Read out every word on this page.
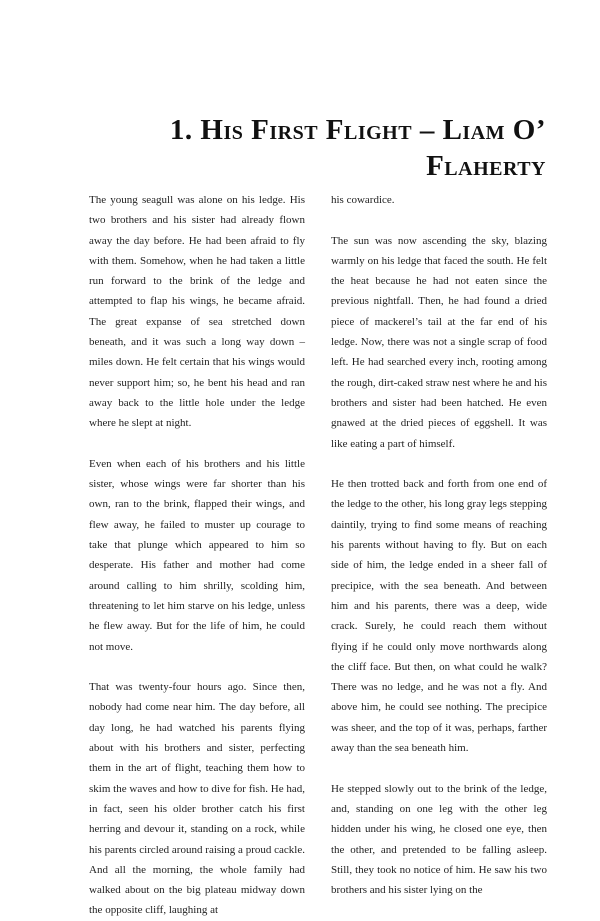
1. His First Flight – Liam O’ Flaherty

The young seagull was alone on his ledge. His two brothers and his sister had already flown away the day before. He had been afraid to fly with them. Somehow, when he had taken a little run forward to the brink of the ledge and attempted to flap his wings, he became afraid. The great expanse of sea stretched down beneath, and it was such a long way down – miles down. He felt certain that his wings would never support him; so, he bent his head and ran away back to the little hole under the ledge where he slept at night.

Even when each of his brothers and his little sister, whose wings were far shorter than his own, ran to the brink, flapped their wings, and flew away, he failed to muster up courage to take that plunge which appeared to him so desperate. His father and mother had come around calling to him shrilly, scolding him, threatening to let him starve on his ledge, unless he flew away. But for the life of him, he could not move.

That was twenty-four hours ago. Since then, nobody had come near him. The day before, all day long, he had watched his parents flying about with his brothers and sister, perfecting them in the art of flight, teaching them how to skim the waves and how to dive for fish. He had, in fact, seen his older brother catch his first herring and devour it, standing on a rock, while his parents circled around raising a proud cackle. And all the morning, the whole family had walked about on the big plateau midway down the opposite cliff, laughing at

his cowardice.

The sun was now ascending the sky, blazing warmly on his ledge that faced the south. He felt the heat because he had not eaten since the previous nightfall. Then, he had found a dried piece of mackerel’s tail at the far end of his ledge. Now, there was not a single scrap of food left. He had searched every inch, rooting among the rough, dirt-caked straw nest where he and his brothers and sister had been hatched. He even gnawed at the dried pieces of eggshell. It was like eating a part of himself.

He then trotted back and forth from one end of the ledge to the other, his long gray legs stepping daintily, trying to find some means of reaching his parents without having to fly. But on each side of him, the ledge ended in a sheer fall of precipice, with the sea beneath. And between him and his parents, there was a deep, wide crack. Surely, he could reach them without flying if he could only move northwards along the cliff face. But then, on what could he walk? There was no ledge, and he was not a fly. And above him, he could see nothing. The precipice was sheer, and the top of it was, perhaps, farther away than the sea beneath him.

He stepped slowly out to the brink of the ledge, and, standing on one leg with the other leg hidden under his wing, he closed one eye, then the other, and pretended to be falling asleep. Still, they took no notice of him. He saw his two brothers and his sister lying on the
